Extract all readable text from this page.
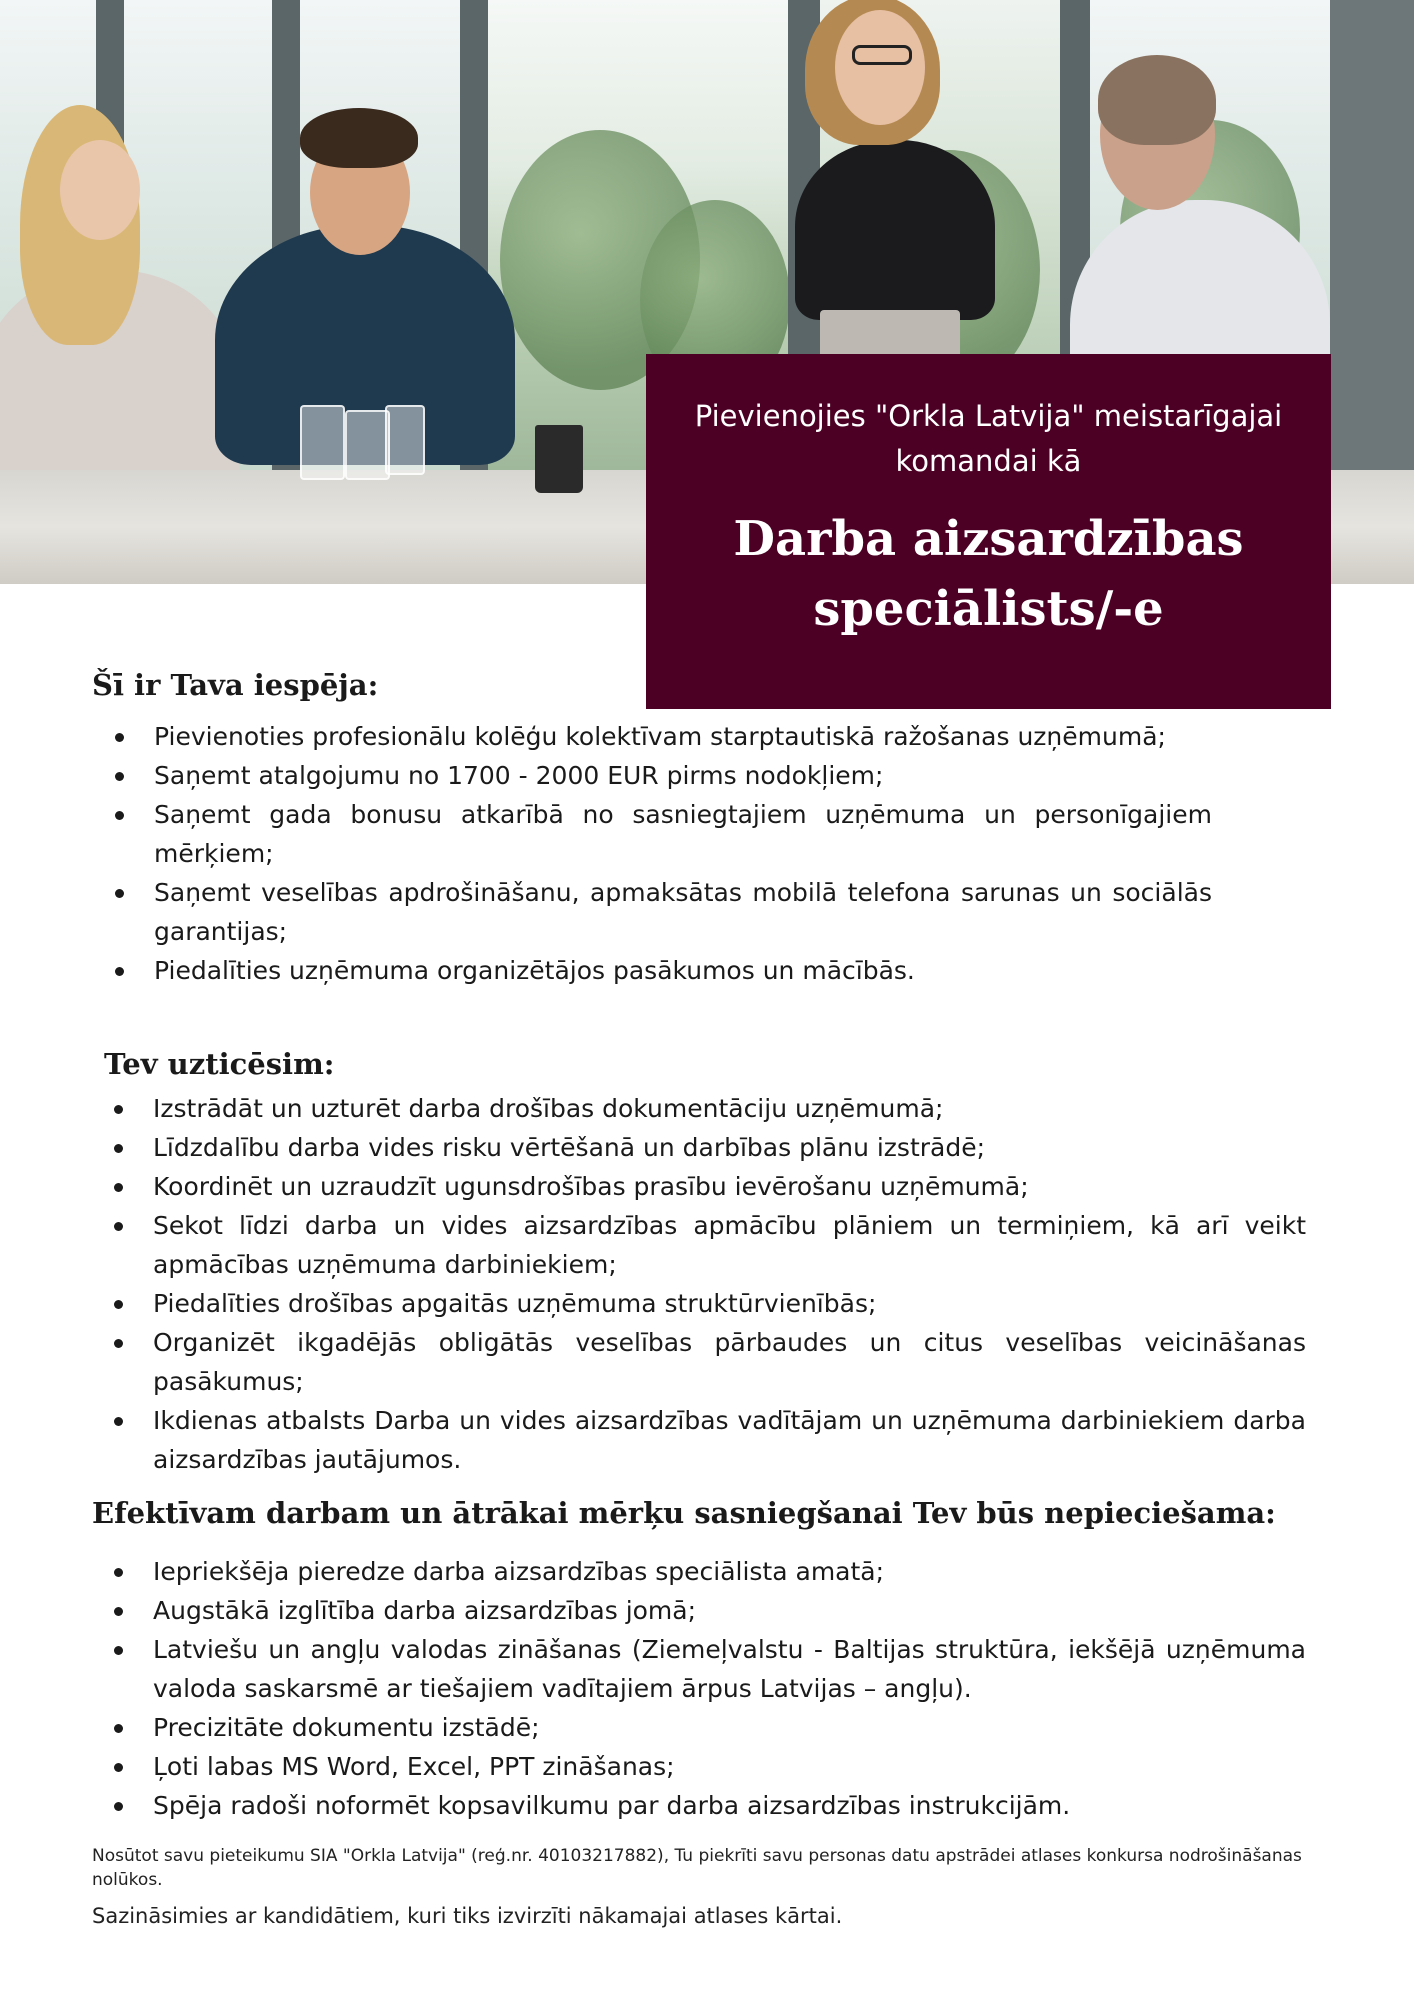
Pievienojies "Orkla Latvija" meistarīgajai komandai kā
Darba aizsardzības speciālists/-e
Šī ir Tava iespēja:
Pievienoties profesionālu kolēģu kolektīvam starptautiskā ražošanas uzņēmumā;
Saņemt atalgojumu no 1700 - 2000 EUR pirms nodokļiem;
Saņemt gada bonusu atkarībā no sasniegtajiem uzņēmuma un personīgajiem mērķiem;
Saņemt veselības apdrošināšanu, apmaksātas mobilā telefona sarunas un sociālās garantijas;
Piedalīties uzņēmuma organizētājos pasākumos un mācībās.
Tev uzticēsim:
Izstrādāt un uzturēt darba drošības dokumentāciju uzņēmumā;
Līdzdalību darba vides risku vērtēšanā un darbības plānu izstrādē;
Koordinēt un uzraudzīt ugunsdrošības prasību ievērošanu uzņēmumā;
Sekot līdzi darba un vides aizsardzības apmācību plāniem un termiņiem, kā arī veikt apmācības uzņēmuma darbiniekiem;
Piedalīties drošības apgaitās uzņēmuma struktūrvienībās;
Organizēt ikgadējās obligātās veselības pārbaudes un citus veselības veicināšanas pasākumus;
Ikdienas atbalsts Darba un vides aizsardzības vadītājam un uzņēmuma darbiniekiem darba aizsardzības jautājumos.
Efektīvam darbam un ātrākai mērķu sasniegšanai Tev būs nepieciešama:
Iepriekšēja pieredze darba aizsardzības speciālista amatā;
Augstākā izglītība darba aizsardzības jomā;
Latviešu un angļu valodas zināšanas (Ziemeļvalstu - Baltijas struktūra, iekšējā uzņēmuma valoda saskarsmē ar tiešajiem vadītajiem ārpus Latvijas – angļu).
Precizitāte dokumentu izstādē;
Ļoti labas MS Word, Excel, PPT zināšanas;
Spēja radoši noformēt kopsavilkumu par darba aizsardzības instrukcijām.
Nosūtot savu pieteikumu SIA "Orkla Latvija" (reģ.nr. 40103217882), Tu piekrīti savu personas datu apstrādei atlases konkursa nodrošināšanas nolūkos.
Sazināsimies ar kandidātiem, kuri tiks izvirzīti nākamajai atlases kārtai.
